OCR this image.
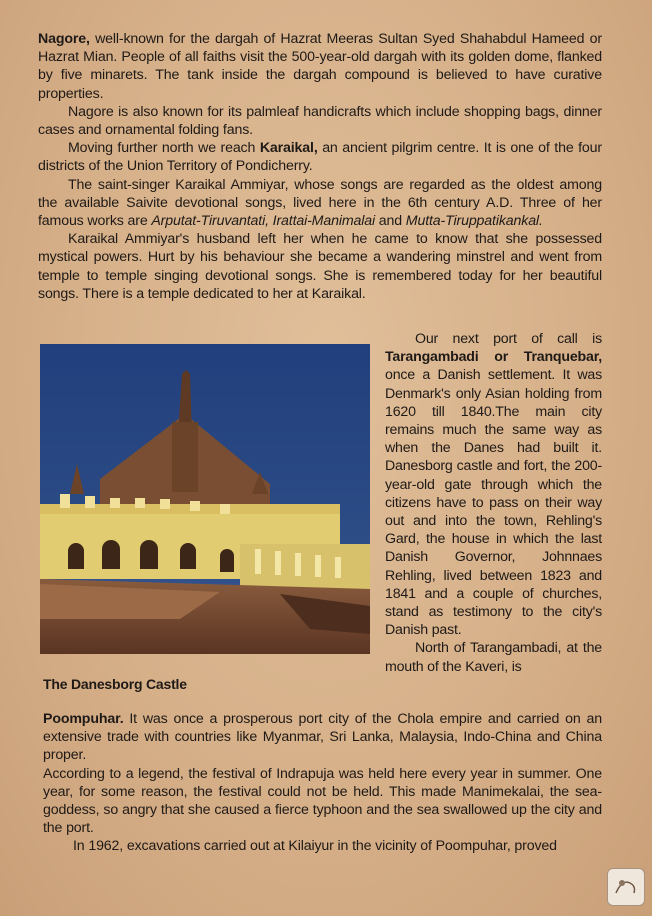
Nagore, well-known for the dargah of Hazrat Meeras Sultan Syed Shahabdul Hameed or Hazrat Mian. People of all faiths visit the 500-year-old dargah with its golden dome, flanked by five minarets. The tank inside the dargah compound is believed to have curative properties.

Nagore is also known for its palmleaf handicrafts which include shopping bags, dinner cases and ornamental folding fans.

Moving further north we reach Karaikal, an ancient pilgrim centre. It is one of the four districts of the Union Territory of Pondicherry.

The saint-singer Karaikal Ammiyar, whose songs are regarded as the oldest among the available Saivite devotional songs, lived here in the 6th century A.D. Three of her famous works are Arputat-Tiruvantati, Irattai-Manimalai and Mutta-Tiruppatikankal.

Karaikal Ammiyar's husband left her when he came to know that she possessed mystical powers. Hurt by his behaviour she became a wandering minstrel and went from temple to temple singing devotional songs. She is remembered today for her beautiful songs. There is a temple dedicated to her at Karaikal.

The Danesborg Castle

Our next port of call is Tarangambadi or Tranquebar, once a Danish settlement. It was Denmark's only Asian holding from 1620 till 1840.The main city remains much the same way as when the Danes had built it. Danesborg castle and fort, the 200-year-old gate through which the citizens have to pass on their way out and into the town, Rehling's Gard, the house in which the last Danish Governor, Johnnaes Rehling, lived between 1823 and 1841 and a couple of churches, stand as testimony to the city's Danish past.

North of Tarangambadi, at the mouth of the Kaveri, is

Poompuhar. It was once a prosperous port city of the Chola empire and carried on an extensive trade with countries like Myanmar, Sri Lanka, Malaysia, Indo-China and China proper.

According to a legend, the festival of Indrapuja was held here every year in summer. One year, for some reason, the festival could not be held. This made Manimekalai, the sea-goddess, so angry that she caused a fierce typhoon and the sea swallowed up the city and the port.

In 1962, excavations carried out at Kilaiyur in the vicinity of Poompuhar, proved
